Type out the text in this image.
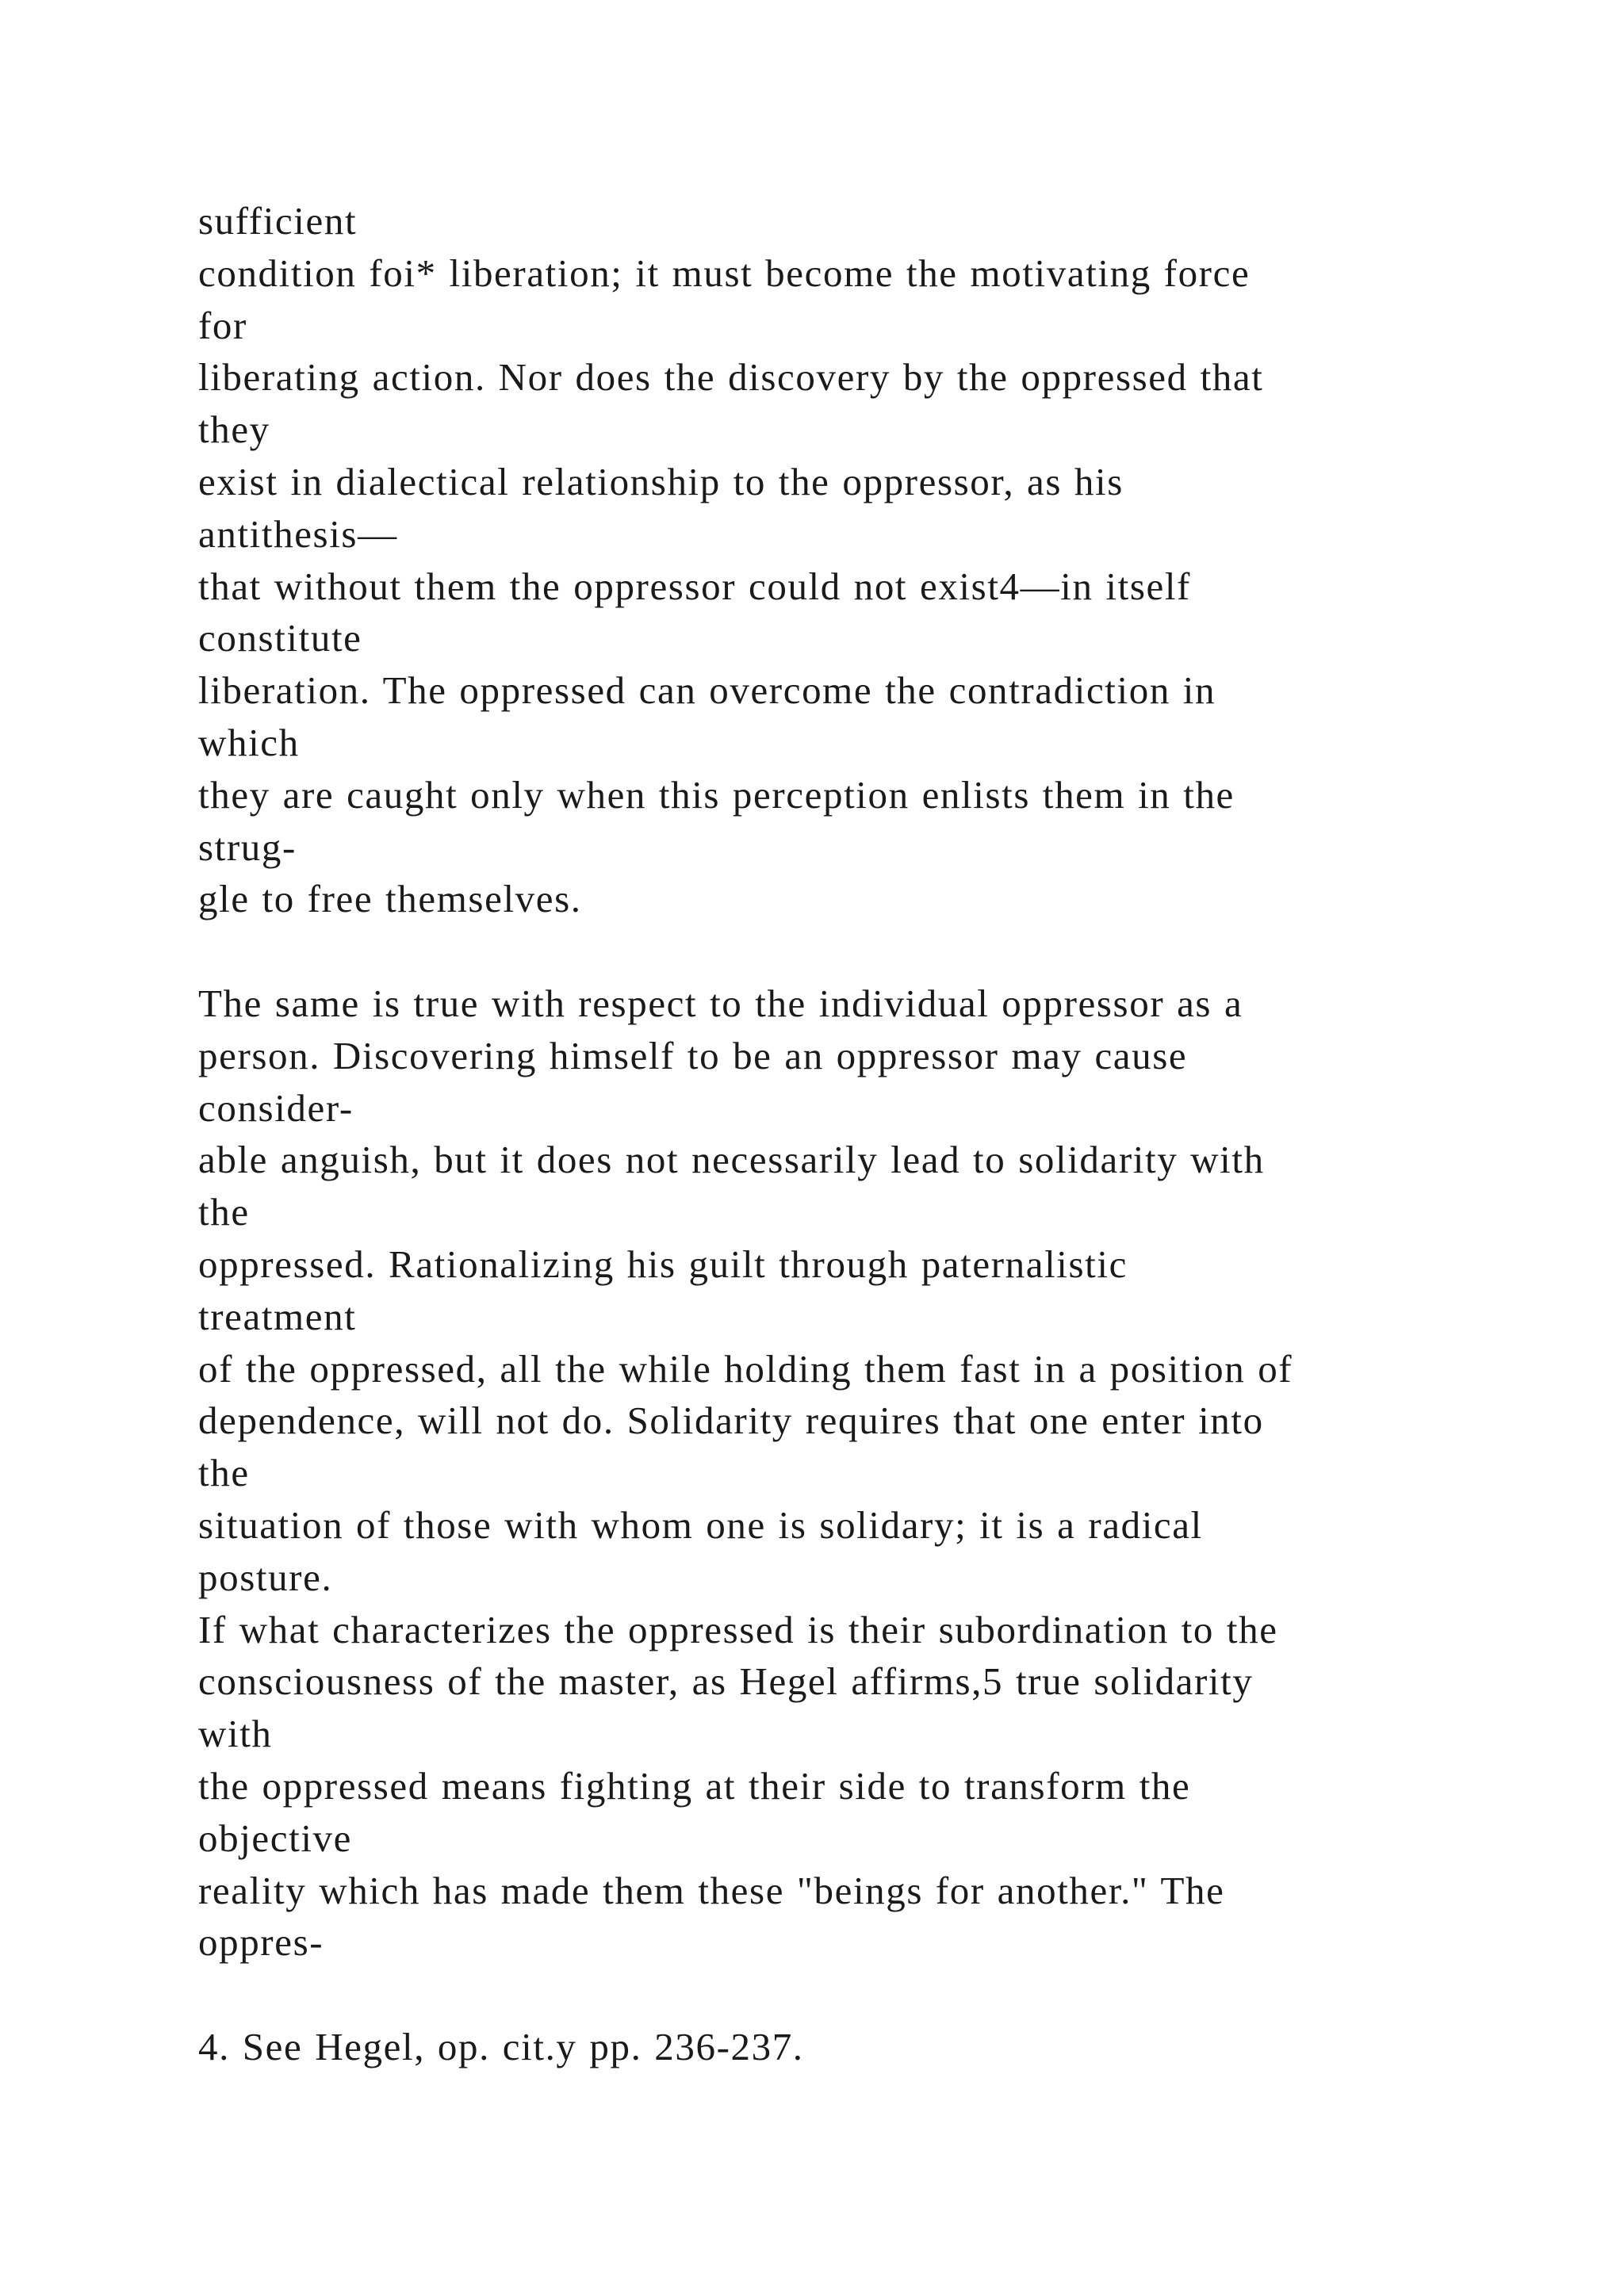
sufficient
condition foi* liberation; it must become the motivating force
for
liberating action. Nor does the discovery by the oppressed that
they
exist in dialectical relationship to the oppressor, as his
antithesis—
that without them the oppressor could not exist4—in itself
constitute
liberation. The oppressed can overcome the contradiction in
which
they are caught only when this perception enlists them in the
strug-
gle to free themselves.
The same is true with respect to the individual oppressor as a
person. Discovering himself to be an oppressor may cause
consider-
able anguish, but it does not necessarily lead to solidarity with
the
oppressed. Rationalizing his guilt through paternalistic
treatment
of the oppressed, all the while holding them fast in a position of
dependence, will not do. Solidarity requires that one enter into
the
situation of those with whom one is solidary; it is a radical
posture.
If what characterizes the oppressed is their subordination to the
consciousness of the master, as Hegel affirms,5 true solidarity
with
the oppressed means fighting at their side to transform the
objective
reality which has made them these "beings for another." The
oppres-
4. See Hegel, op. cit.y pp. 236-237.
